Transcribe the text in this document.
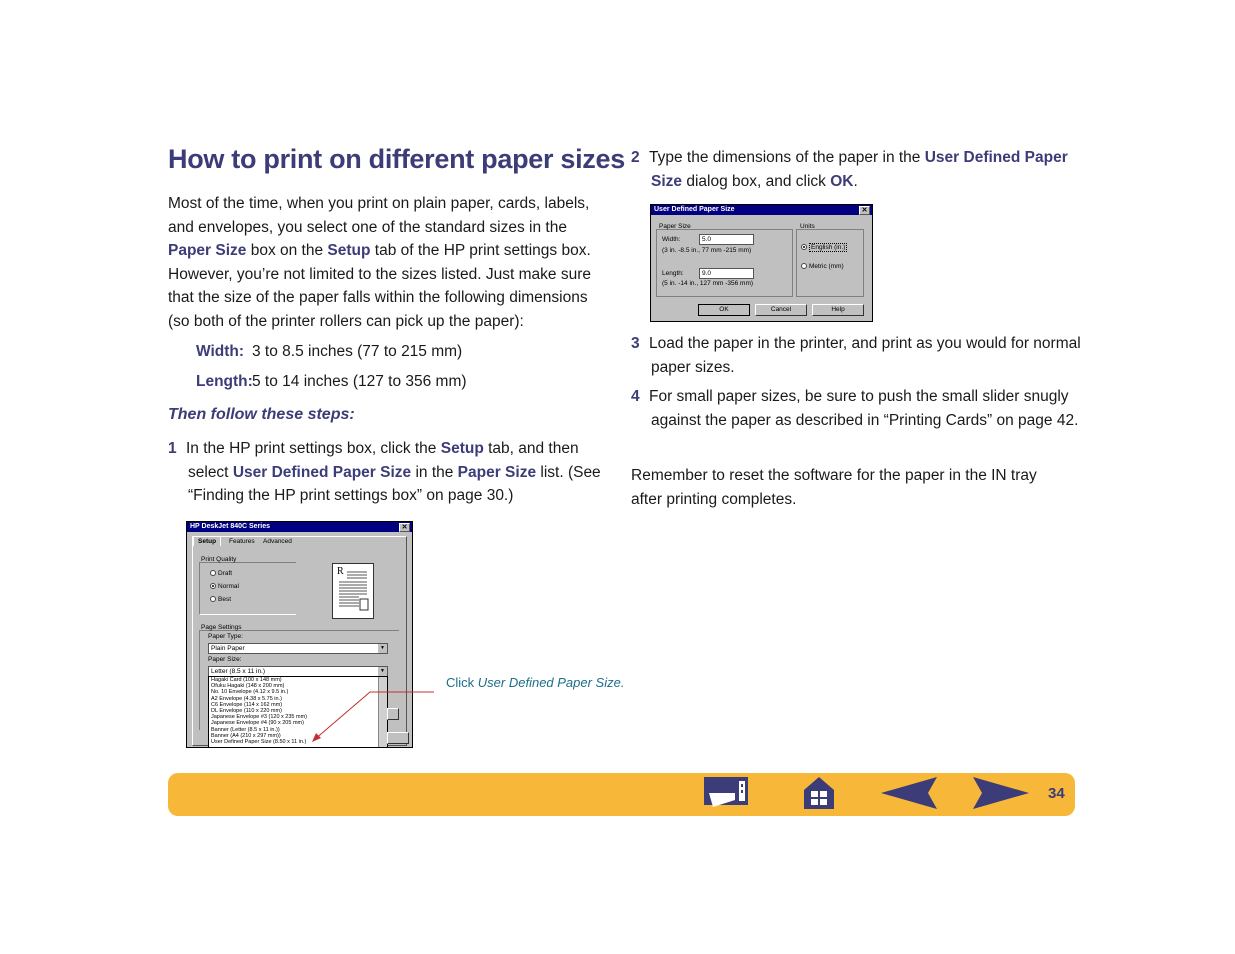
How to print on different paper sizes

Most of the time, when you print on plain paper, cards, labels, and envelopes, you select one of the standard sizes in the Paper Size box on the Setup tab of the HP print settings box. However, you’re not limited to the sizes listed. Just make sure that the size of the paper falls within the following dimensions (so both of the printer rollers can pick up the paper):

Width: 3 to 8.5 inches (77 to 215 mm)
Length:5 to 14 inches (127 to 356 mm)
Then follow these steps:

1 In the HP print settings box, click the Setup tab, and then select User Defined Paper Size in the Paper Size list. (See “Finding the HP print settings box” on page 30.)

HP DeskJet 840C Series	✕
Setup	Features	Advanced
Print Quality
Draft
Normal
Best
R
Page Settings
Paper Type:
Plain Paper	▼
Paper Size:
Letter (8.5 x 11 in.)	▼
Hagaki Card (100 x 148 mm)
Ofuku Hagaki (148 x 200 mm)
No. 10 Envelope (4.12 x 9.5 in.)
A2 Envelope (4.38 x 5.75 in.)
C6 Envelope (114 x 162 mm)
DL Envelope (110 x 220 mm)
Japanese Envelope #3 (120 x 235 mm)
Japanese Envelope #4 (90 x 205 mm)
Banner (Letter (8.5 x 11 in.))
Banner (A4 (210 x 297 mm))
User Defined Paper Size (8.50 x 11 in.)
Click User Defined Paper Size.

2 Type the dimensions of the paper in the User Defined Paper Size dialog box, and click OK.

User Defined Paper Size	✕
Paper Size
Width:	5.0
(3 in. -8.5 in., 77 mm -215 mm)
Length:	9.0
(5 in. -14 in., 127 mm -356 mm)
Units
English (in.)
Metric (mm)
OK	Cancel	Help

3 Load the paper in the printer, and print as you would for normal paper sizes.

4 For small paper sizes, be sure to push the small slider snugly against the paper as described in “Printing Cards” on page 42.

Remember to reset the software for the paper in the IN tray after printing completes.

34
